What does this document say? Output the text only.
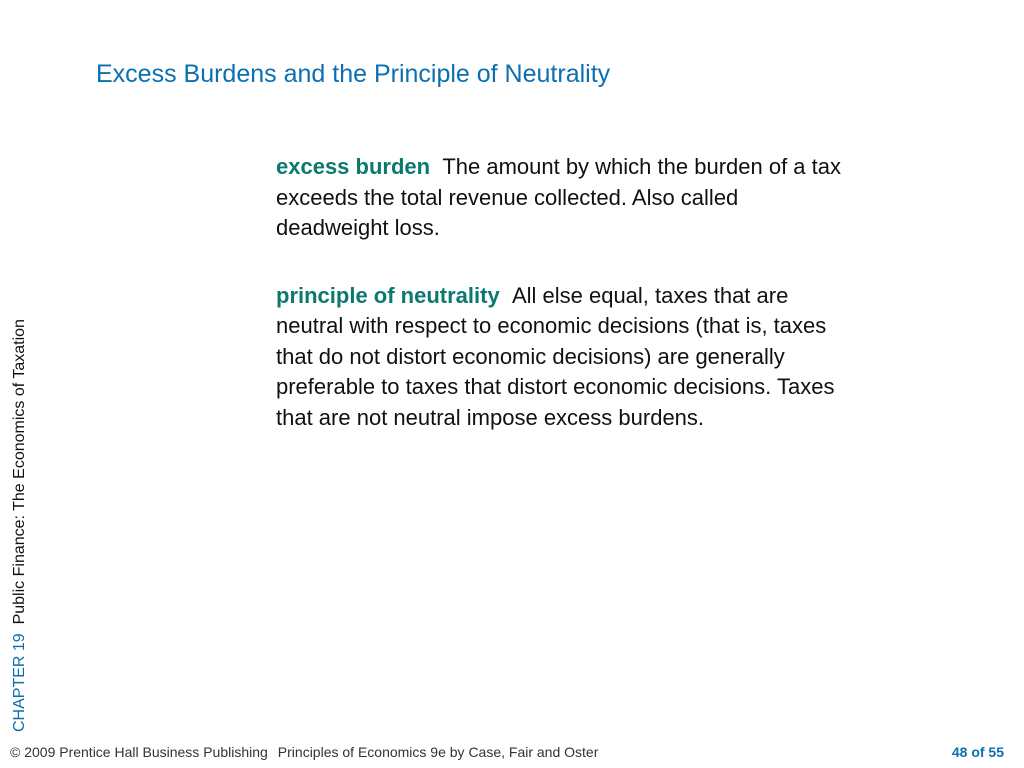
Excess Burdens and the Principle of Neutrality
CHAPTER 19  Public Finance: The Economics of Taxation

excess burden The amount by which the burden of a tax exceeds the total revenue collected. Also called deadweight loss.

principle of neutrality All else equal, taxes that are neutral with respect to economic decisions (that is, taxes that do not distort economic decisions) are generally preferable to taxes that distort economic decisions. Taxes that are not neutral impose excess burdens.

© 2009 Prentice Hall Business Publishing Principles of Economics 9e by Case, Fair and Oster	48 of 55
